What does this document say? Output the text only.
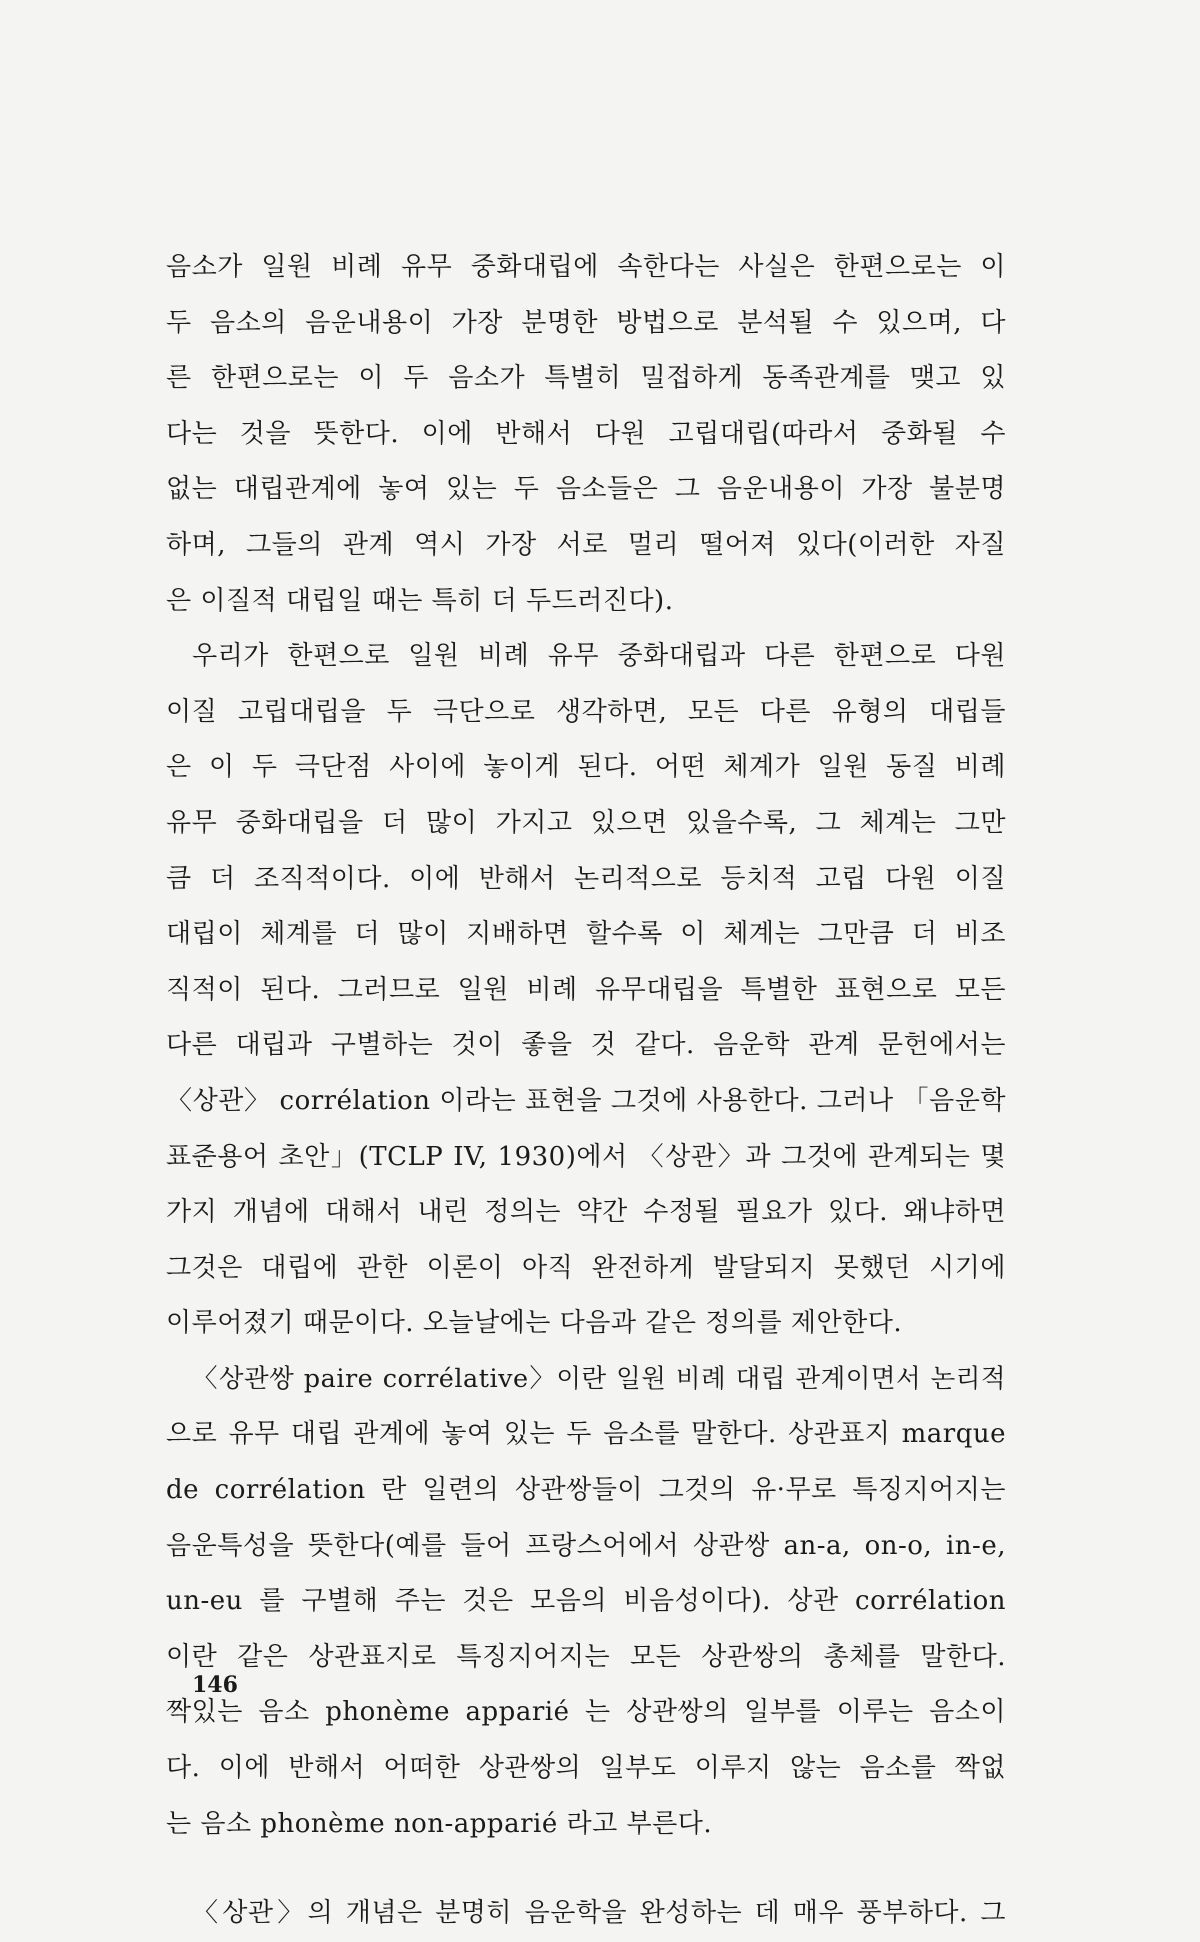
음소가 일원 비례 유무 중화대립에 속한다는 사실은 한편으로는 이
두 음소의 음운내용이 가장 분명한 방법으로 분석될 수 있으며, 다
른 한편으로는 이 두 음소가 특별히 밀접하게 동족관계를 맺고 있
다는 것을 뜻한다. 이에 반해서 다원 고립대립(따라서 중화될 수
없는 대립관계에 놓여 있는 두 음소들은 그 음운내용이 가장 불분명
하며, 그들의 관계 역시 가장 서로 멀리 떨어져 있다(이러한 자질
은 이질적 대립일 때는 특히 더 두드러진다).
우리가 한편으로 일원 비례 유무 중화대립과 다른 한편으로 다원
이질 고립대립을 두 극단으로 생각하면, 모든 다른 유형의 대립들
은 이 두 극단점 사이에 놓이게 된다. 어떤 체계가 일원 동질 비례
유무 중화대립을 더 많이 가지고 있으면 있을수록, 그 체계는 그만
큼 더 조직적이다. 이에 반해서 논리적으로 등치적 고립 다원 이질
대립이 체계를 더 많이 지배하면 할수록 이 체계는 그만큼 더 비조
직적이 된다. 그러므로 일원 비례 유무대립을 특별한 표현으로 모든
다른 대립과 구별하는 것이 좋을 것 같다. 음운학 관계 문헌에서는
〈상관〉 corrélation 이라는 표현을 그것에 사용한다. 그러나 「음운학
표준용어 초안」(TCLP IV, 1930)에서 〈상관〉과 그것에 관계되는 몇
가지 개념에 대해서 내린 정의는 약간 수정될 필요가 있다. 왜냐하면
그것은 대립에 관한 이론이 아직 완전하게 발달되지 못했던 시기에
이루어졌기 때문이다. 오늘날에는 다음과 같은 정의를 제안한다.
〈상관쌍 paire corrélative〉이란 일원 비례 대립 관계이면서 논리적
으로 유무 대립 관계에 놓여 있는 두 음소를 말한다. 상관표지 marque
de corrélation 란 일련의 상관쌍들이 그것의 유·무로 특징지어지는
음운특성을 뜻한다(예를 들어 프랑스어에서 상관쌍 an-a, on-o, in-e,
un-eu 를 구별해 주는 것은 모음의 비음성이다). 상관 corrélation
이란 같은 상관표지로 특징지어지는 모든 상관쌍의 총체를 말한다.
짝있는 음소 phonème apparié 는 상관쌍의 일부를 이루는 음소이
다. 이에 반해서 어떠한 상관쌍의 일부도 이루지 않는 음소를 짝없
는 음소 phonème non-apparié 라고 부른다.
〈상관〉의 개념은 분명히 음운학을 완성하는 데 매우 풍부하다. 그
146
